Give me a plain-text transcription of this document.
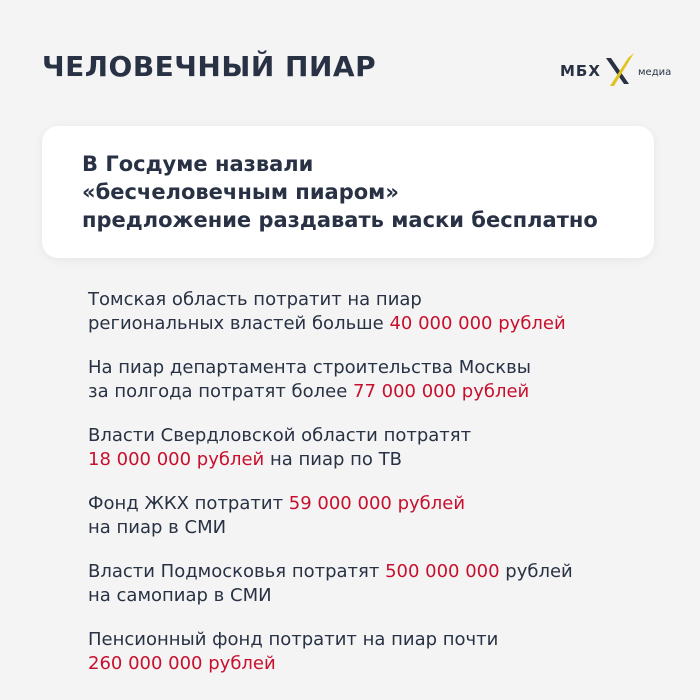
ЧЕЛОВЕЧНЫЙ ПИАР	МБХ	медиа
В Госдуме назвали
«бесчеловечным пиаром»
предложение раздавать маски бесплатно
Томская область потратит на пиар
региональных властей больше 40 000 000 рублей
На пиар департамента строительства Москвы
за полгода потратят более 77 000 000 рублей
Власти Свердловской области потратят
18 000 000 рублей на пиар по ТВ
Фонд ЖКХ потратит 59 000 000 рублей
на пиар в СМИ
Власти Подмосковья потратят 500 000 000 рублей
на самопиар в СМИ
Пенсионный фонд потратит на пиар почти
260 000 000 рублей
